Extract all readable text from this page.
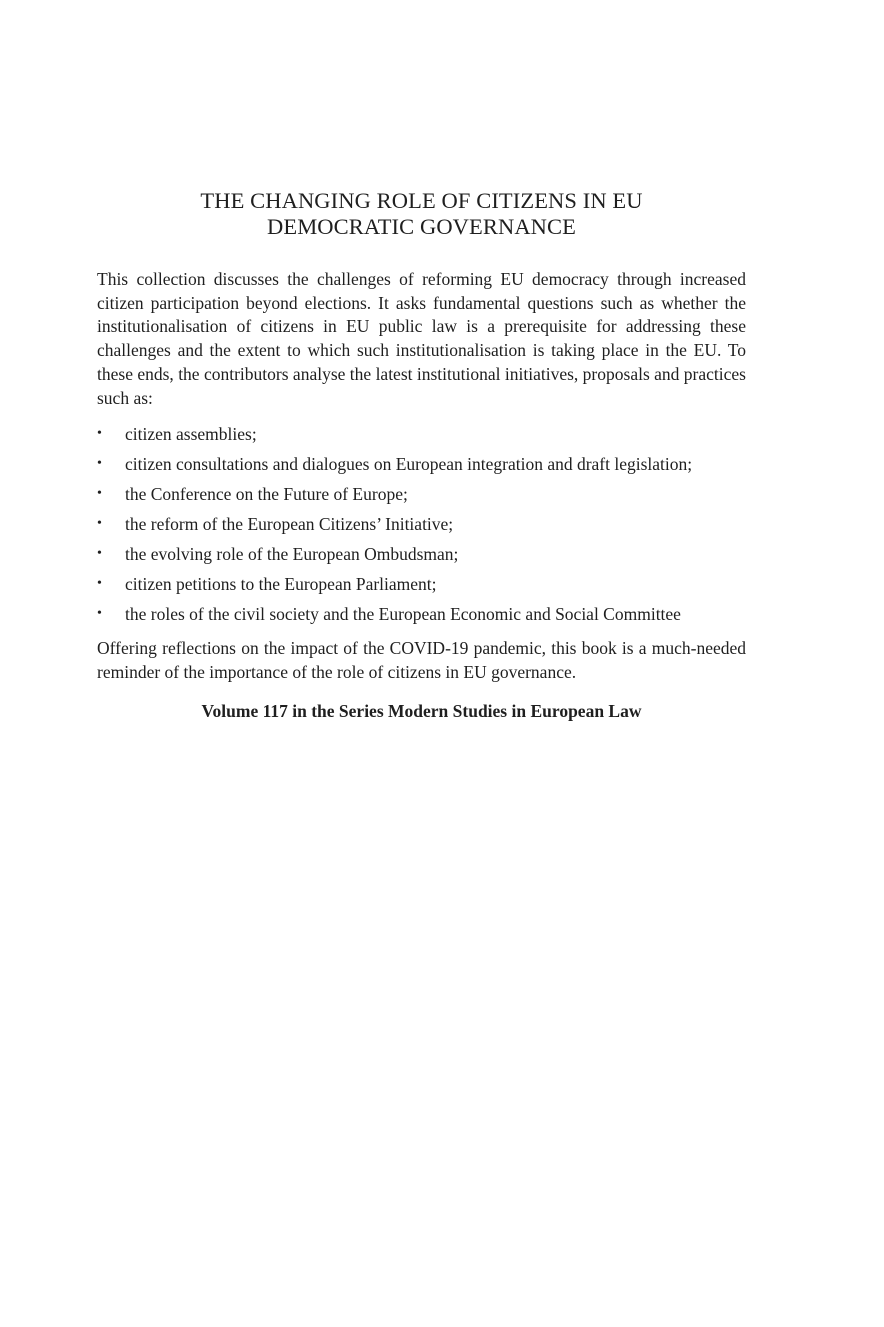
THE CHANGING ROLE OF CITIZENS IN EU
DEMOCRATIC GOVERNANCE

This collection discusses the challenges of reforming EU democracy through increased citizen participation beyond elections. It asks fundamental questions such as whether the institutionalisation of citizens in EU public law is a prerequisite for addressing these challenges and the extent to which such institutionalisation is taking place in the EU. To these ends, the contributors analyse the latest institutional initiatives, proposals and practices such as:

• citizen assemblies;
• citizen consultations and dialogues on European integration and draft legislation;
• the Conference on the Future of Europe;
• the reform of the European Citizens’ Initiative;
• the evolving role of the European Ombudsman;
• citizen petitions to the European Parliament;
• the roles of the civil society and the European Economic and Social Committee

Offering reflections on the impact of the COVID-19 pandemic, this book is a much-needed reminder of the importance of the role of citizens in EU governance.

Volume 117 in the Series Modern Studies in European Law
